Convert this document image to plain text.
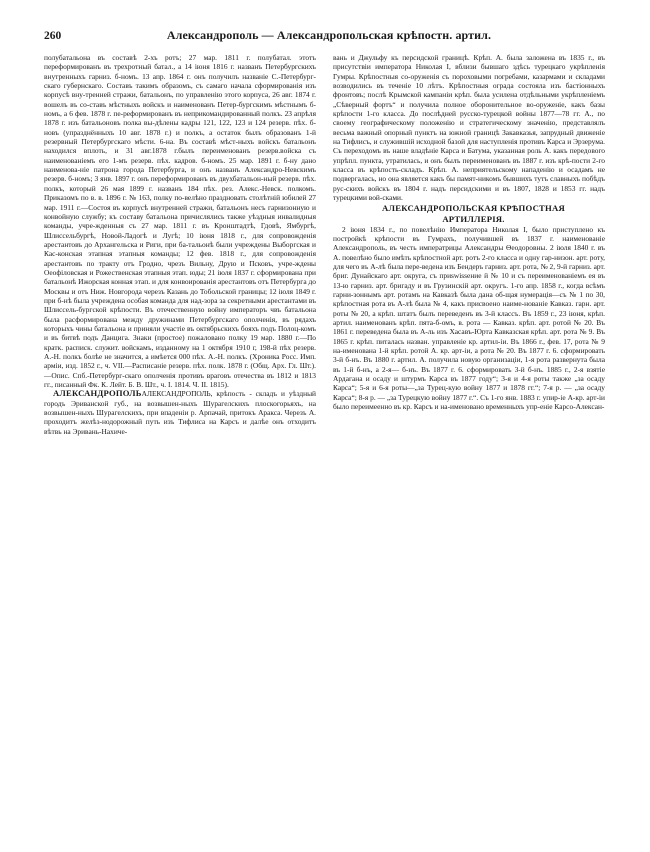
260	Александрополь — Александропольская крѣпостн. артил.

полубатальона въ составѣ 2-хъ ротъ; 27 мар. 1811 г. полубатал. этотъ переформированъ въ трехротный батал., а 14 іюня 1816 г. названъ Петербургскихъ внутренныхъ гарниз. б-номъ. 13 апр. 1864 г. онъ получилъ названіе С.-Петербург-скаго губернскаго. Составъ такимъ образомъ, съ самаго начала сформированія изъ корпусѣ вну-тренней стражи, батальонъ, по управленію этого корпуса, 26 авг. 1874 г. вошелъ въ со-ставъ мѣстныхъ войскъ и наименованъ Петер-бургскимъ мѣстнымъ б-номъ, а 6 фев. 1878 г. пе-реформированъ въ неприкомандированный полкъ. 23 апрѣля 1878 г. изъ батальоновъ полка вы-дѣлены кадры 121, 122, 123 и 124 резерв. пѣх. б-новъ (упразднённыхъ 10 авг. 1878 г.) и полкъ, а остаток былъ образованъ 1-й резервный Петербургскаго мѣсти. 6-на. Въ составѣ мѣст-ныхъ войскъ батальонъ находился вплоть, и 31 авг.1878 г.былъ переименованъ резерв.войска съ наименованіемъ его 1-мъ резерв. пѣх. кадров. б-номъ. 25 мар. 1891 г. б-ну дано наименова-ніе патрона города Петербурга, и онъ названъ Александро-Невскимъ резерв. б-номъ; 3 янв. 1897 г. онъ переформированъ въ двухбатальон-ный резерв. пѣх. полкъ, который 26 мая 1899 г. названъ 184 пѣх. рез. Алекс.-Невск. полкомъ. Приказомъ по в. в. 1896 г. № 163, полку по-велѣно праздновать столѣтній юбилей 27 мар. 1911 г.—Состоя въ корпусѣ внутренней стражи, батальонъ несъ гарнизонную и конвойную службу; къ составу батальона причислялись также уѣздныя инвалидныя команды, учре-жденныя съ 27 мар. 1811 г. въ Кронштадтѣ, Гдовѣ, Ямбургѣ, Шлиссельбургѣ, Новой-Ладогѣ и Лугѣ; 10 іюня 1818 г., для сопровожденія арестантовъ до Архангельска и Риги, при ба-тальонѣ были учреждены Выборгская и Кас-конская этапная этапныя команды; 12 фев. 1818 г., для сопровожденія арестантовъ по тракту отъ Гродно, чрезъ Вильну, Друю и Псковъ, учре-ждены Оеофіловская и Рожественская этапныя этап. юды; 21 іюля 1837 г. сформирована при батальонѣ Ижорская конная этап. и для конвоированія арестантовъ отъ Петербурга до Москвы и отъ Ниж. Новгорода черезъ Казань до Тобольской границы; 12 іюля 1849 г. при б-нѣ была учреждена особая команда для над-зора за секретными арестантами въ Шлиссель-бургской крѣпости. Въ отечественную войну императоръ чвъ батальона была расформирована между дружинами Петербургскаго ополченія, въ рядахъ которыхъ чины батальона и приняли участіе въ октябрьскихъ бояхъ подъ Полоц-комъ и въ битвѣ подъ Данцига. Знаки (простое) пожаловано полку 19 мар. 1880 г.—По кратк. расписк. служит. войскамъ, изданному на 1 октября 1910 г, 198-й пѣх резерв. А.-Н. полкъ болѣе не значится, а имѣется 000 пѣх. А.-Н. полкъ. (Хроника Росс. Имп. арміи, изд. 1852 г., ч. VII.—Расписаніе резерв. пѣх. полк. 1878 г. (Общ. Арх. Гл. Шт.). —Опис. Спб.-Петербург-скаго ополченія противъ враговъ отечества въ 1812 и 1813 гг., писанный Фк. К. Лейт. Б. В. Шт., ч. I. 1814. Ч. II. 1815).

АЛЕКСАНДРОПОЛЬАЛЕКСАНДРОПОЛЬ, крѣпость - складъ и уѣздный городъ Эриванской губ., на возвышен-ныхъ Шурагелскихъ плоскогорьяхъ, на возвышен-ныхъ Шурагелскихъ, при впаденіи р. Арпачай, притокъ Аракса. Черезъ А. проходитъ желѣз-нодорожный путь изъ Тифлиса на Карсъ и далѣе онъ отходитъ вѣтвь на Эривань-Нахиче-

вань и Джульфу къ персидской границѣ. Крѣп. А. была заложена въ 1835 г., въ присутствіи императора Николая I, вблизи бывшаго здѣсь турецкаго укрѣпленія Гумры. Крѣпостныя со-оруженія съ пороховыми погребами, казармами и складами возводились въ теченіе 10 лѣтъ. Крѣпостныя ограда состояла изъ бастіонныхъ фронтовъ; послѣ Крымской кампаніи крѣп. была усилена отдѣльными укрѣпленіемъ „Сѣверный фортъ“ и получила полное оборонительное во-оруженіе, какъ базы крѣпости 1-го класса. До послѣдней русско-турецкой войны 1877—78 гг. А., по своему географическому положенію и стратегическому значенію, представлялъ весьма важный опорный пунктъ на южной границѣ Закавказья, запрудный движеніе на Тифлисъ, и служившій исходной базой для наступленія противъ Карса и Эрзерума. Съ переходомъ въ наше владѣніе Карса и Батума, указанная роль А. какъ передового упрѣпл. пункта, утратилась, и онъ былъ переименованъ въ 1887 г. изъ крѣ-пости 2-го класса въ крѣпость-складъ. Крѣп. А. неприятельскому нападенію и осадамъ не подвергалась, но она является какъ бы памят-никомъ бывшихъ тутъ славныхъ побѣдъ рус-скихъ войскъ въ 1804 г. надъ персидскими и въ 1807, 1828 и 1853 гг. надъ турецкими вой-сками.

АЛЕКСАНДРОПОЛЬСКАЯ КРѢПОСТНАЯ

АРТИЛЛЕРІЯ.

2 іюня 1834 г., по повелѣнію Императора Николая I, было приступлено къ постройкѣ крѣпости въ Гумрахъ, получившей въ 1837 г. наименованіе Александрополь, въ честь императрицы Александры Ѳеодоровны. 2 іюля 1840 г. въ А. повелѣно было имѣть крѣпостной арт. ротъ 2-го класса и одну гар-низон. арт. роту, для чего въ А-лѣ была пере-ведена изъ Бендеръ гарниз. арт. рота, № 2, 9-й гарниз. арт. бриг. Дунайскаго арт. округа, съ приswissение й № 10 и съ переименованіемъ ея въ 13-ю гарниз. арт. бригаду и въ Грузинскій арт. округъ. 1-го апр. 1858 г., когда всѣмъ гарни-зоннымъ арт. ротамъ на Кавказѣ была дана об-щая нумерація—съ № 1 по 30, крѣпостная рота въ А-лѣ была № 4, какъ присвоено наиме-нованіе Кавказ. гарн. арт. роты № 20, а крѣп. штатъ былъ переведенъ въ 3-й классъ. Въ 1859 г., 23 іюня, крѣп. артил. наименованъ крѣп. пята-б-омъ, в. рота — Кавказ. крѣп. арт. ротой № 20. Въ 1861 г. переведена была въ А-ль изъ Хасавъ-Юрта Кавказская крѣп. арт. рота № 9. Въ 1865 г. крѣп. питалась назван. управленіе кр. артил-іи. Въ 1866 г., фев. 17, рота № 9 на-именована 1-й крѣп. ротой А. кр. арт-іи, а рота № 20. Въ 1877 г. 6. сформировать 3-й б-нъ. Въ 1880 г. артил. А. получила новую организаціи, 1-я рота развернута была въ 1-й б-нъ, а 2-я— б-нъ. Въ 1877 г. 6. сформировать 3-й б-нъ. 1885 г., 2-я взятіе Ардагана и осаду и штурмъ Карса въ 1877 году“; 3-я и 4-я роты также „за осаду Карса“; 5-я и 6-я роты—„за Турец-кую войну 1877 и 1878 гг.“; 7-я р. — „за осаду Карса“; 8-я р. — „за Турецкую войну 1877 г.“. Съ 1-го янв. 1883 г. упир-іе А-кр. арт-іи было переимеенно въ кр. Карсъ и на-именовано временныхъ упр-еніе Карсо-Алексан-
